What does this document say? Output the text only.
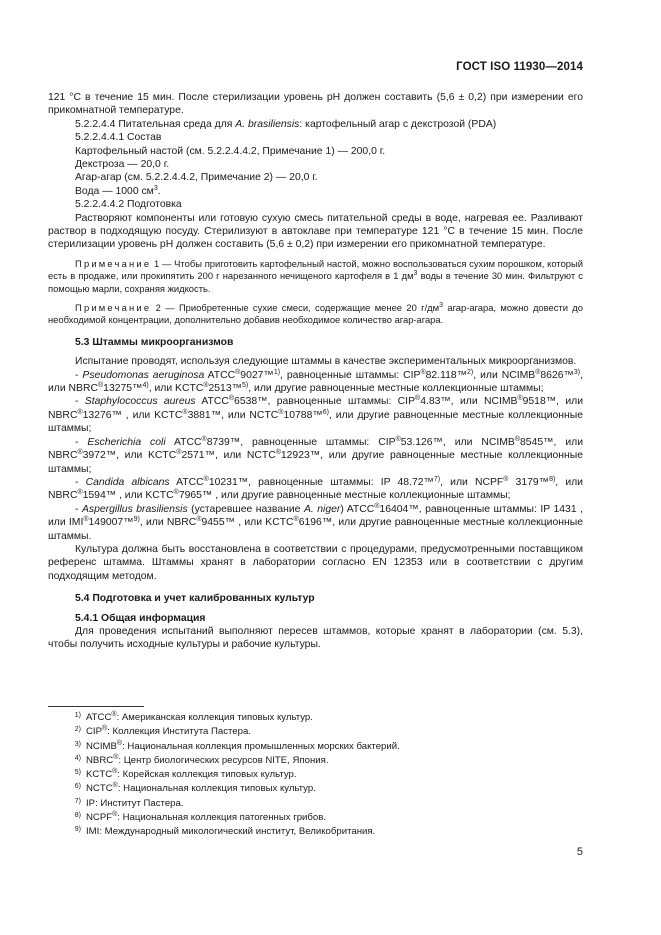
ГОСТ ISO 11930—2014

121 °C в течение 15 мин. После стерилизации уровень pH должен составить (5,6 ± 0,2) при измерении его прикомнатной температуре.

5.2.2.4.4 Питательная среда для A. brasiliensis: картофельный агар с декстрозой (PDA)

5.2.2.4.4.1 Состав

Картофельный настой (см. 5.2.2.4.4.2, Примечание 1) — 200,0 г.

Декстроза — 20,0 г.

Агар-агар (см. 5.2.2.4.4.2, Примечание 2) — 20,0 г.

Вода — 1000 $см^3$.

5.2.2.4.4.2 Подготовка

Растворяют компоненты или готовую сухую смесь питательной среды в воде, нагревая ее. Разливают раствор в подходящую посуду. Стерилизуют в автоклаве при температуре 121 °С в течение 15 мин. После стерилизации уровень pH должен составить (5,6 ± 0,2) при измерении его прикомнатной температуре.

Примечание 1 — Чтобы приготовить картофельный настой, можно воспользоваться сухим порошком, который есть в продаже, или прокипятить 200 г нарезанного нечищеного картофеля в 1 $дм^3$ воды в течение 30 мин. Фильтруют с помощью марли, сохраняя жидкость.

Примечание 2 — Приобретенные сухие смеси, содержащие менее 20 $г/дм^3$ агар-агара, можно довести до необходимой концентрации, дополнительно добавив необходимое количество агар-агара.

5.3 Штаммы микроорганизмов

Испытание проводят, используя следующие штаммы в качестве экспериментальных микроорганизмов.

- Pseudomonas aeruginosa ATCC®9027™$^{1)}$, равноценные штаммы: CIP®82.118™$^{2)}$, или NCIMB®8626™$^{3)}$, или NBRC®13275™$^{4)}$, или KCTC®2513™$^{5)}$, или другие равноценные местные коллекционные штаммы;

- Staphylococcus aureus ATCC®6538™, равноценные штаммы: CIP®4.83™, или NCIMB®9518™, или NBRC®13276™ , или KCTC®3881™, или NCTC®10788™$^{6)}$, или другие равноценные местные коллекционные штаммы;

- Escherichia coli ATCC®8739™, равноценные штаммы: CIP®53.126™, или NCIMB®8545™, или NBRC®3972™, или KCTC®2571™, или NCTC®12923™, или другие равноценные местные коллекционные штаммы;

- Candida albicans ATCC®10231™, равноценные штаммы: IP 48.72™$^{7)}$, или NCPF® 3179™$^{8)}$, или NBRC®1594™ , или KCTC®7965™ , или другие равноценные местные коллекционные штаммы;

- Aspergillus brasiliensis (устаревшее название A. niger) ATCC®16404™, равноценные штаммы: IP 1431 , или IMI®149007™$^{9)}$, или NBRC®9455™ , или KCTC®6196™, или другие равноценные местные коллекционные штаммы.

Культура должна быть восстановлена в соответствии с процедурами, предусмотренными поставщиком референс штамма. Штаммы хранят в лаборатории согласно EN 12353 или в соответствии с другим подходящим методом.

5.4 Подготовка и учет калиброванных культур

5.4.1 Общая информация

Для проведения испытаний выполняют пересев штаммов, которые хранят в лаборатории (см. 5.3), чтобы получить исходные культуры и рабочие культуры.

$^{1)}$ ATCC®: Американская коллекция типовых культур.
$^{2)}$ CIP®: Коллекция Института Пастера.
$^{3)}$ NCIMB®: Национальная коллекция промышленных морских бактерий.
$^{4)}$ NBRC®: Центр биологических ресурсов NITE, Япония.
$^{5)}$ KCTC®: Корейская коллекция типовых культур.
$^{6)}$ NCTC®: Национальная коллекция типовых культур.
$^{7)}$ IP: Институт Пастера.
$^{8)}$ NCPF®: Национальная коллекция патогенных грибов.
$^{9)}$ IMI: Международный микологический институт, Великобритания.
5
